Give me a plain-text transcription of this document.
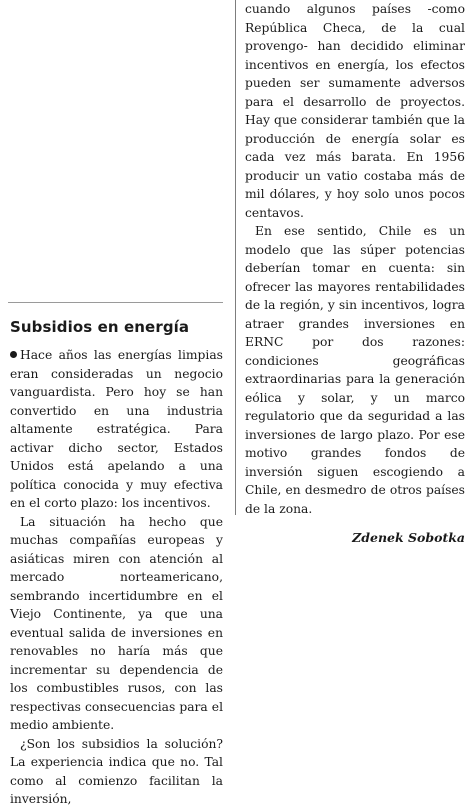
Subsidios en energía

Hace años las energías limpias eran consideradas un negocio vanguardista. Pero hoy se han convertido en una industria altamente estratégica. Para activar dicho sector, Estados Unidos está apelando a una política conocida y muy efectiva en el corto plazo: los incentivos.

La situación ha hecho que muchas compañías europeas y asiáticas miren con atención al mercado norteamericano, sembrando incertidumbre en el Viejo Continente, ya que una eventual salida de inversiones en renovables no haría más que incrementar su dependencia de los combustibles rusos, con las respectivas consecuencias para el medio ambiente.

¿Son los subsidios la solución? La experiencia indica que no. Tal como al comienzo facilitan la inversión,

cuando algunos países -como República Checa, de la cual provengo- han decidido eliminar incentivos en energía, los efectos pueden ser sumamente adversos para el desarrollo de proyectos. Hay que considerar también que la producción de energía solar es cada vez más barata. En 1956 producir un vatio costaba más de mil dólares, y hoy solo unos pocos centavos.

En ese sentido, Chile es un modelo que las súper potencias deberían tomar en cuenta: sin ofrecer las mayores rentabilidades de la región, y sin incentivos, logra atraer grandes inversiones en ERNC por dos razones: condiciones geográficas extraordinarias para la generación eólica y solar, y un marco regulatorio que da seguridad a las inversiones de largo plazo. Por ese motivo grandes fondos de inversión siguen escogiendo a Chile, en desmedro de otros países de la zona.

Zdenek Sobotka
